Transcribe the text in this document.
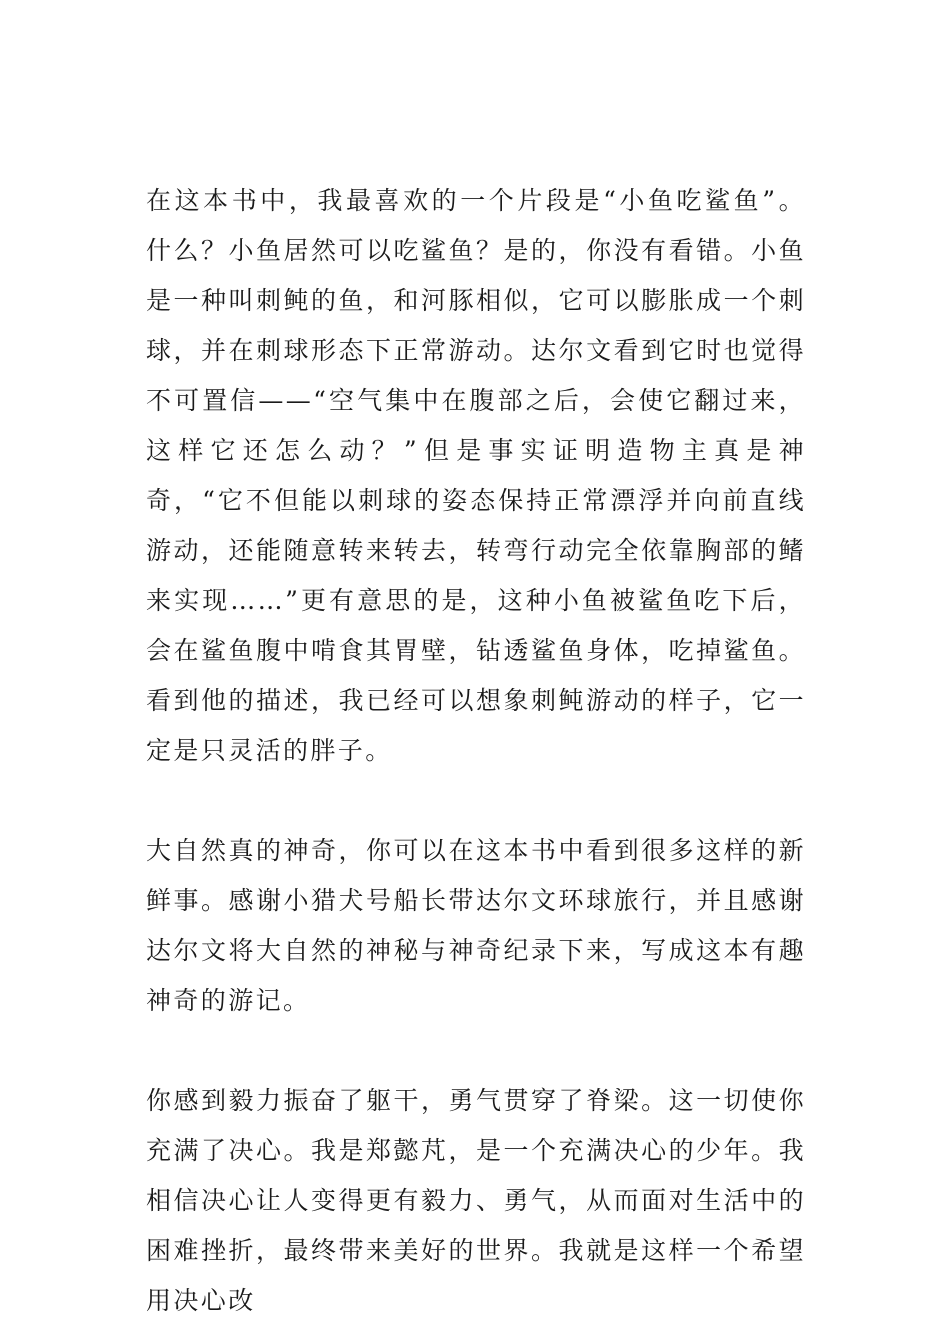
在这本书中，我最喜欢的一个片段是“小鱼吃鲨鱼”。什么？小鱼居然可以吃鲨鱼？是的，你没有看错。小鱼是一种叫刺鲀的鱼，和河豚相似，它可以膨胀成一个刺球，并在刺球形态下正常游动。达尔文看到它时也觉得不可置信——“空气集中在腹部之后，会使它翻过来，这样它还怎么动？”但是事实证明造物主真是神奇，“它不但能以刺球的姿态保持正常漂浮并向前直线游动，还能随意转来转去，转弯行动完全依靠胸部的鳍来实现……”更有意思的是，这种小鱼被鲨鱼吃下后，会在鲨鱼腹中啃食其胃壁，钻透鲨鱼身体，吃掉鲨鱼。看到他的描述，我已经可以想象刺鲀游动的样子，它一定是只灵活的胖子。

大自然真的神奇，你可以在这本书中看到很多这样的新鲜事。感谢小猎犬号船长带达尔文环球旅行，并且感谢达尔文将大自然的神秘与神奇纪录下来，写成这本有趣神奇的游记。

你感到毅力振奋了躯干，勇气贯穿了脊梁。这一切使你充满了决心。我是郑懿芃，是一个充满决心的少年。我相信决心让人变得更有毅力、勇气，从而面对生活中的困难挫折，最终带来美好的世界。我就是这样一个希望用决心改
